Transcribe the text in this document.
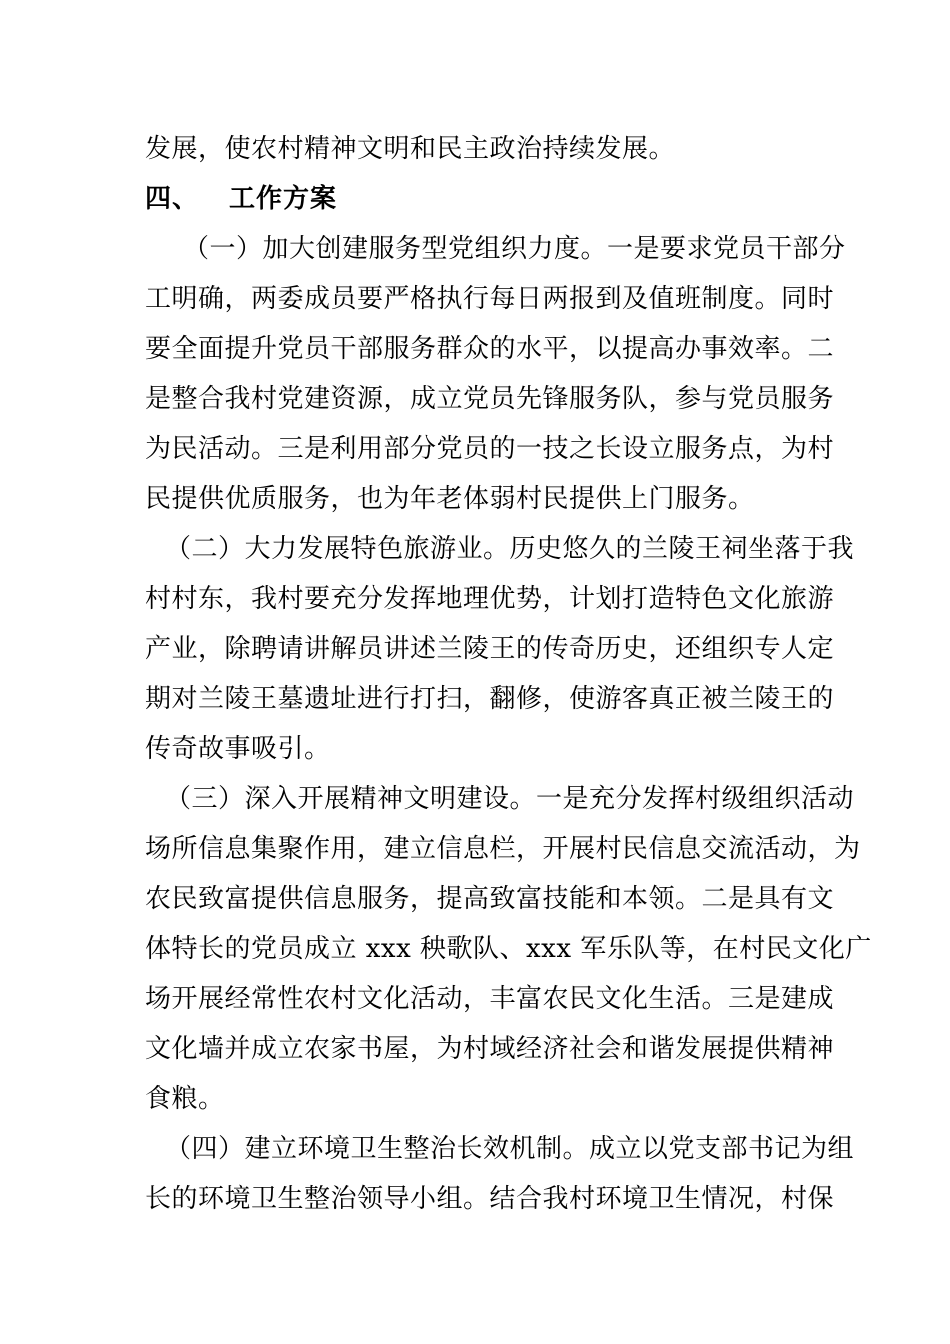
发展，使农村精神文明和民主政治持续发展。
四、 工作方案
（一）加大创建服务型党组织力度。一是要求党员干部分
工明确，两委成员要严格执行每日两报到及值班制度。同时
要全面提升党员干部服务群众的水平，以提高办事效率。二
是整合我村党建资源，成立党员先锋服务队，参与党员服务
为民活动。三是利用部分党员的一技之长设立服务点，为村
民提供优质服务，也为年老体弱村民提供上门服务。
（二）大力发展特色旅游业。历史悠久的兰陵王祠坐落于我
村村东，我村要充分发挥地理优势，计划打造特色文化旅游
产业，除聘请讲解员讲述兰陵王的传奇历史，还组织专人定
期对兰陵王墓遗址进行打扫，翻修，使游客真正被兰陵王的
传奇故事吸引。
（三）深入开展精神文明建设。一是充分发挥村级组织活动
场所信息集聚作用，建立信息栏，开展村民信息交流活动，为
农民致富提供信息服务，提高致富技能和本领。二是具有文
体特长的党员成立 xxx 秧歌队、xxx 军乐队等，在村民文化广
场开展经常性农村文化活动，丰富农民文化生活。三是建成
文化墙并成立农家书屋，为村域经济社会和谐发展提供精神
食粮。
（四）建立环境卫生整治长效机制。成立以党支部书记为组
长的环境卫生整治领导小组。结合我村环境卫生情况，村保
